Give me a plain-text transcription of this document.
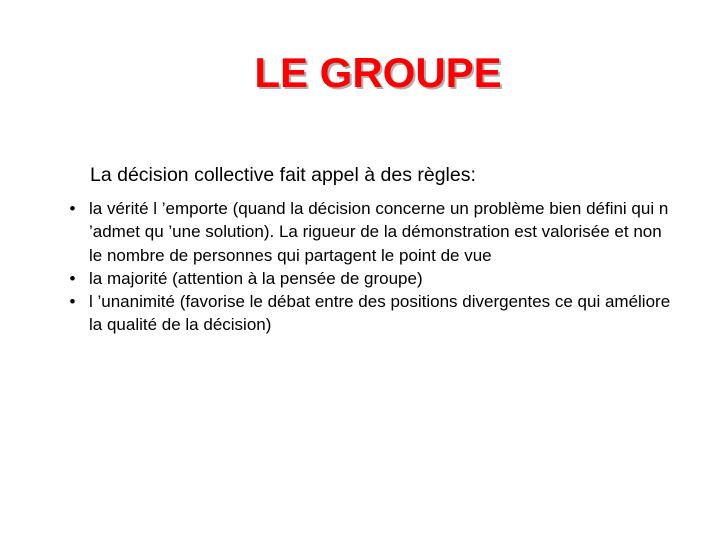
LE GROUPE

La décision collective fait appel à des règles:

• la vérité l ’emporte (quand la décision concerne un problème bien défini qui n ’admet qu ’une solution). La rigueur de la démonstration est valorisée et non le nombre de personnes qui partagent le point de vue
• la majorité (attention à la pensée de groupe)
• l ’unanimité (favorise le débat entre des positions divergentes ce qui améliore la qualité de la décision)
